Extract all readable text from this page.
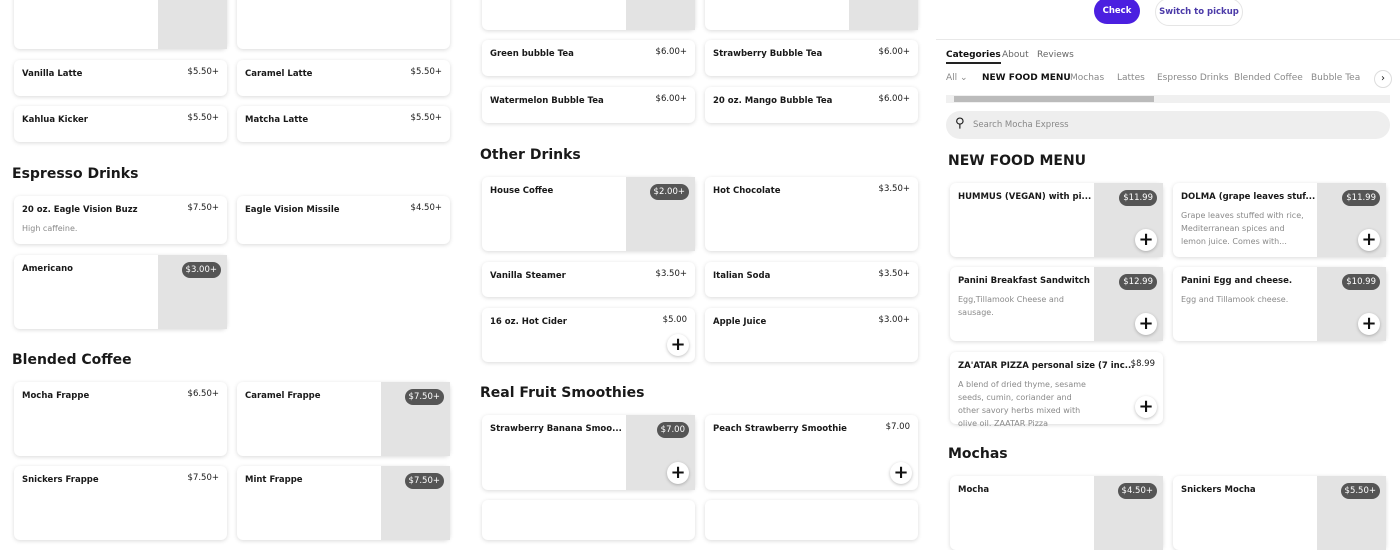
Check	Switch to pickup
Categories About Reviews
All ⌄ NEW FOOD MENU Mochas Lattes Espresso Drinks Blended Coffee Bubble Tea	›
⚲ Search Mocha Express
Vanilla Latte	$5.50+	Caramel Latte	$5.50+
Kahlua Kicker	$5.50+	Matcha Latte	$5.50+
Espresso Drinks
20 oz. Eagle Vision Buzz	$7.50+
High caffeine.
Eagle Vision Missile	$4.50+
Americano	$3.00+
Blended Coffee
Mocha Frappe	$6.50+	Caramel Frappe	$7.50+
Snickers Frappe	$7.50+	Mint Frappe	$7.50+
Green bubble Tea	$6.00+	Strawberry Bubble Tea	$6.00+
Watermelon Bubble Tea	$6.00+	20 oz. Mango Bubble Tea	$6.00+
Other Drinks
House Coffee	$2.00+	Hot Chocolate	$3.50+
Vanilla Steamer	$3.50+	Italian Soda	$3.50+
16 oz. Hot Cider	$5.00
+
Apple Juice	$3.00+
Real Fruit Smoothies
Strawberry Banana Smoo...	$7.00
+
Peach Strawberry Smoothie	$7.00
+
NEW FOOD MENU
HUMMUS (VEGAN) with pi...	$11.99
+
DOLMA (grape leaves stuf...	$11.99
Grape leaves stuffed with rice, Mediterranean spices and lemon juice. Comes with...	+
Panini Breakfast Sandwitch	$12.99
Egg,Tillamook Cheese and sausage.
+
Panini Egg and cheese.	$10.99
Egg and Tillamook cheese.
+
ZA'ATAR PIZZA personal size (7 inc...
$8.99
A blend of dried thyme, sesame seeds, cumin, coriander and other savory herbs mixed with olive oil. ZAATAR Pizza
+
Mochas
Mocha	$4.50+	Snickers Mocha	$5.50+
